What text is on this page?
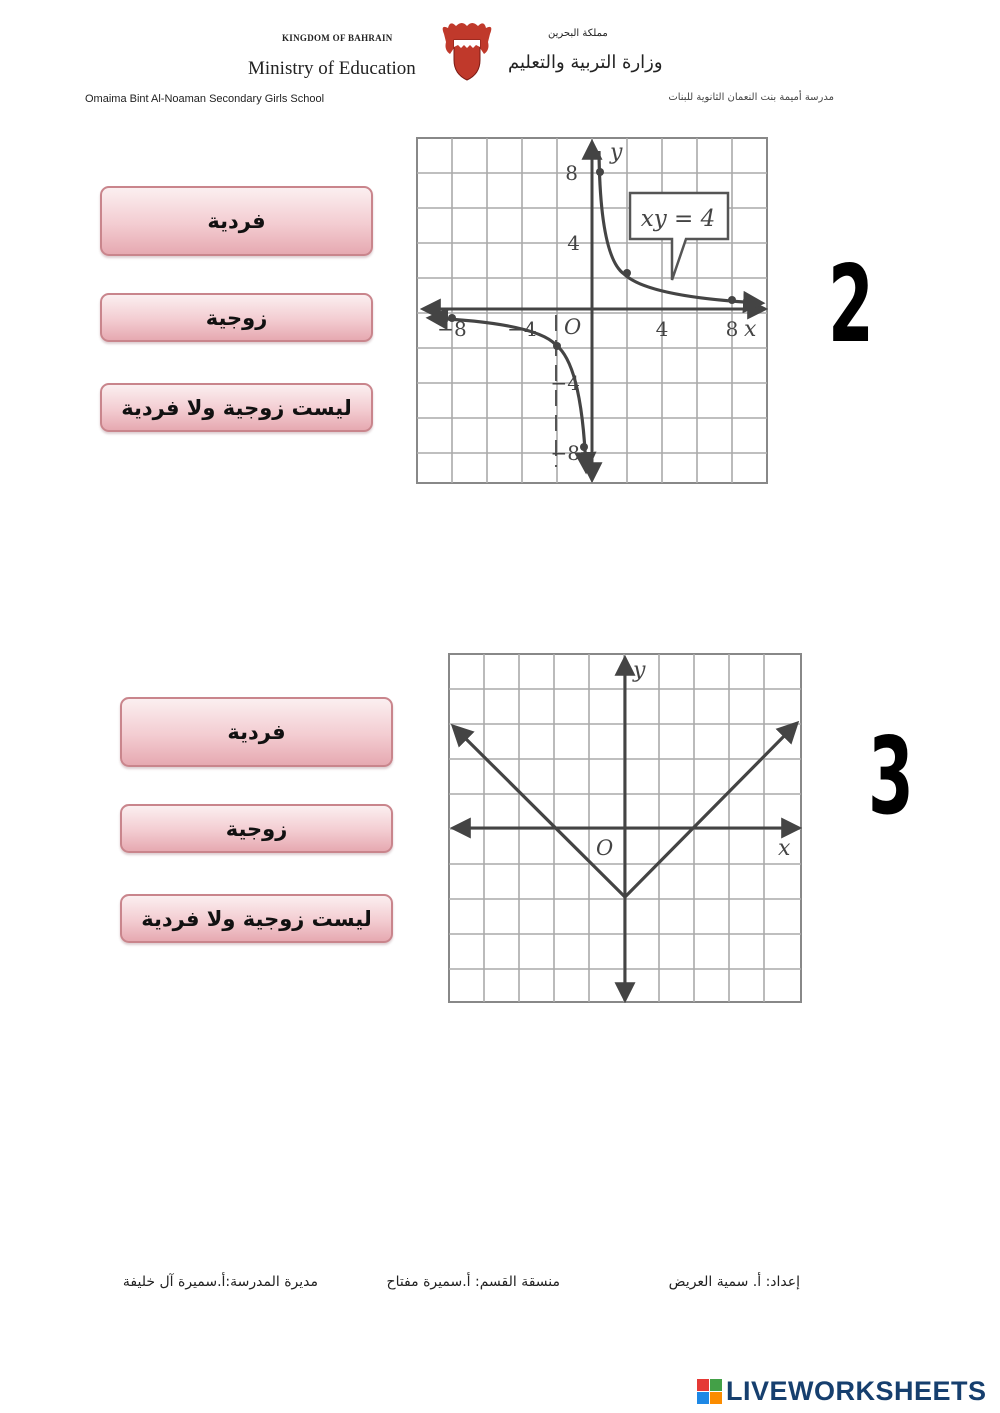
KINGDOM OF BAHRAIN
Ministry of Education
Omaima Bint Al-Noaman Secondary Girls School
مملكة البحرين
وزارة التربية والتعليم
مدرسة أميمة بنت النعمان الثانوية للبنات
فردية
زوجية
ليست زوجية ولا فردية
xy = 4
y
x
O
−8 −4	4	8
8
4
−4
−8
2
فردية
زوجية
ليست زوجية ولا فردية
y
x
O
3
إعداد: أ. سمية العريض
منسقة القسم: أ.سميرة مفتاح
مديرة المدرسة:أ.سميرة آل خليفة
LIVEWORKSHEETS
